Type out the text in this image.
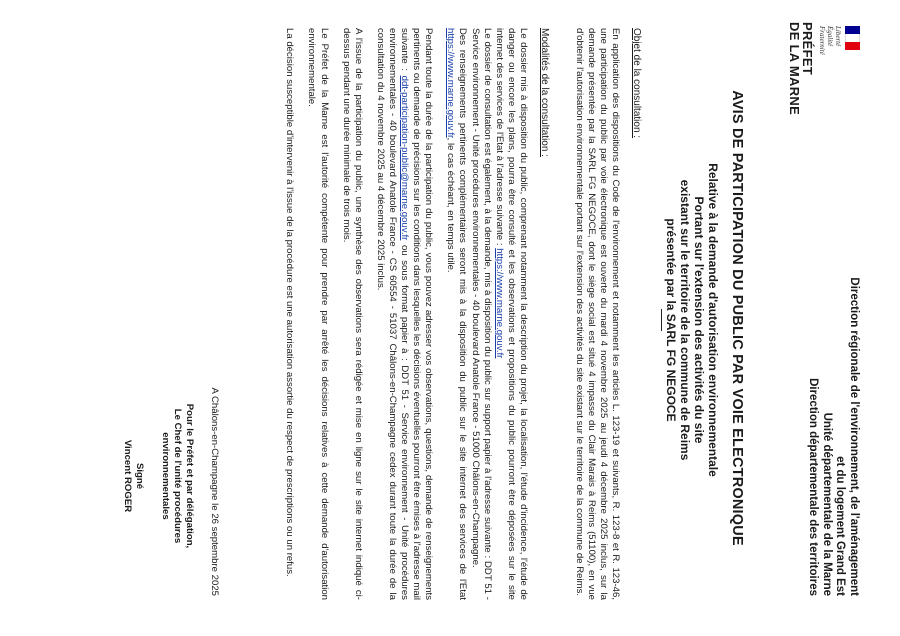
Liberté
Égalité
Fraternité
PRÉFET
DE LA MARNE
Direction régionale de l'environnement, de l'aménagement
et du logement Grand Est
Unité départementale de la Marne
Direction départementale des territoires
AVIS DE PARTICIPATION DU PUBLIC PAR VOIE ELECTRONIQUE
Relative à la demande d'autorisation environnementale
Portant sur l'extension des activités du site
existant sur le territoire de la commune de Reims
présentée par la SARL FG NEGOCE
Objet de la consultation :

En application des dispositions du Code de l'environnement et notamment les articles L. 123-19 et suivants, R. 123-8 et R. 123-46, une participation du public par voie électronique est ouverte du mardi 4 novembre 2025 au jeudi 4 décembre 2025 inclus, sur la demande présentée par la SARL FG NEGOCE, dont le siège social est situé 4 impasse du Clair Marais à Reims (51100), en vue d'obtenir l'autorisation environnementale portant sur l'extension des activités du site existant sur le territoire de la commune de Reims.

Modalités de la consultation :

Le dossier mis à disposition du public, comprenant notamment la description du projet, la localisation, l'étude d'incidence, l'étude de danger ou encore les plans, pourra être consulté et les observations et propositions du public pourront être déposées sur le site internet des services de l'Etat à l'adresse suivante : https://www.marne.gouv.fr

Le dossier de consultation est également, à la demande, mis à disposition du public sur support papier à l'adresse suivante : DDT 51 - Service environnement - Unité procédures environnementales - 40 boulevard Anatole France - 51000 Châlons-en-Champagne.

Des renseignements pertinents complémentaires seront mis à la disposition du public sur le site internet des services de l'Etat https://www.marne.gouv.fr, le cas échéant, en temps utile.

Pendant toute la durée de la participation du public, vous pouvez adresser vos observations, questions, demande de renseignements pertinents ou demande de précisions sur les conditions dans lesquelles les décisions éventuelles pourront être émises à l'adresse mail suivante : ddt-participation-public@marne.gouv.fr ou sous format papier à : DDT 51 - Service environnement - Unité procédures environnementales - 40 boulevard Anatole France - CS 60554 - 51037 Châlons-en-Champagne cedex durant toute la durée de la consultation du 4 novembre 2025 au 4 décembre 2025 inclus.

A l'issue de la participation du public, une synthèse des observations sera rédigée et mise en ligne sur le site internet indiqué ci-dessus pendant une durée minimale de trois mois.

Le Préfet de la Marne est l'autorité compétente pour prendre par arrêté les décisions relatives à cette demande d'autorisation environnementale.

La décision susceptible d'intervenir à l'issue de la procédure est une autorisation assortie du respect de prescriptions ou un refus.

A Châlons-en-Champagne le 26 septembre 2025
Pour le Préfet et par délégation,
Le Chef de l'unité procédures
environnementales
Signé
Vincent ROGER
